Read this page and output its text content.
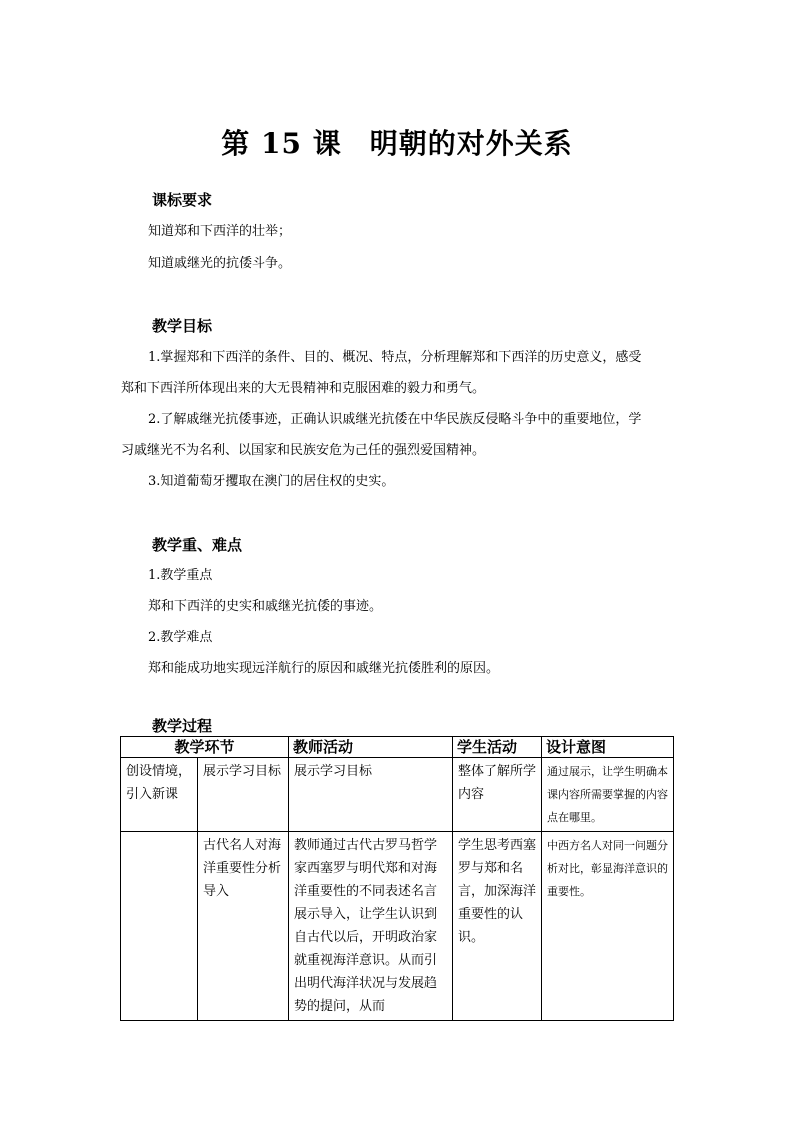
第 15 课 明朝的对外关系
课标要求
知道郑和下西洋的壮举；
知道戚继光的抗倭斗争。
教学目标
1.掌握郑和下西洋的条件、目的、概况、特点，分析理解郑和下西洋的历史意义，感受
郑和下西洋所体现出来的大无畏精神和克服困难的毅力和勇气。
2.了解戚继光抗倭事迹，正确认识戚继光抗倭在中华民族反侵略斗争中的重要地位，学
习戚继光不为名利、以国家和民族安危为己任的强烈爱国精神。
3.知道葡萄牙攫取在澳门的居住权的史实。
教学重、难点
1.教学重点
郑和下西洋的史实和戚继光抗倭的事迹。
2.教学难点
郑和能成功地实现远洋航行的原因和戚继光抗倭胜利的原因。
教学过程
教学环节		教师活动	学生活动	设计意图
创设情境，引入新课	展示学习目标	展示学习目标	整体了解所学内容	通过展示，让学生明确本课内容所需要掌握的内容点在哪里。
	古代名人对海洋重要性分析导入	教师通过古代古罗马哲学家西塞罗与明代郑和对海洋重要性的不同表述名言展示导入，让学生认识到自古代以后，开明政治家就重视海洋意识。从而引出明代海洋状况与发展趋势的提问，从而	学生思考西塞罗与郑和名言，加深海洋重要性的认识。	中西方名人对同一问题分析对比，彰显海洋意识的重要性。
